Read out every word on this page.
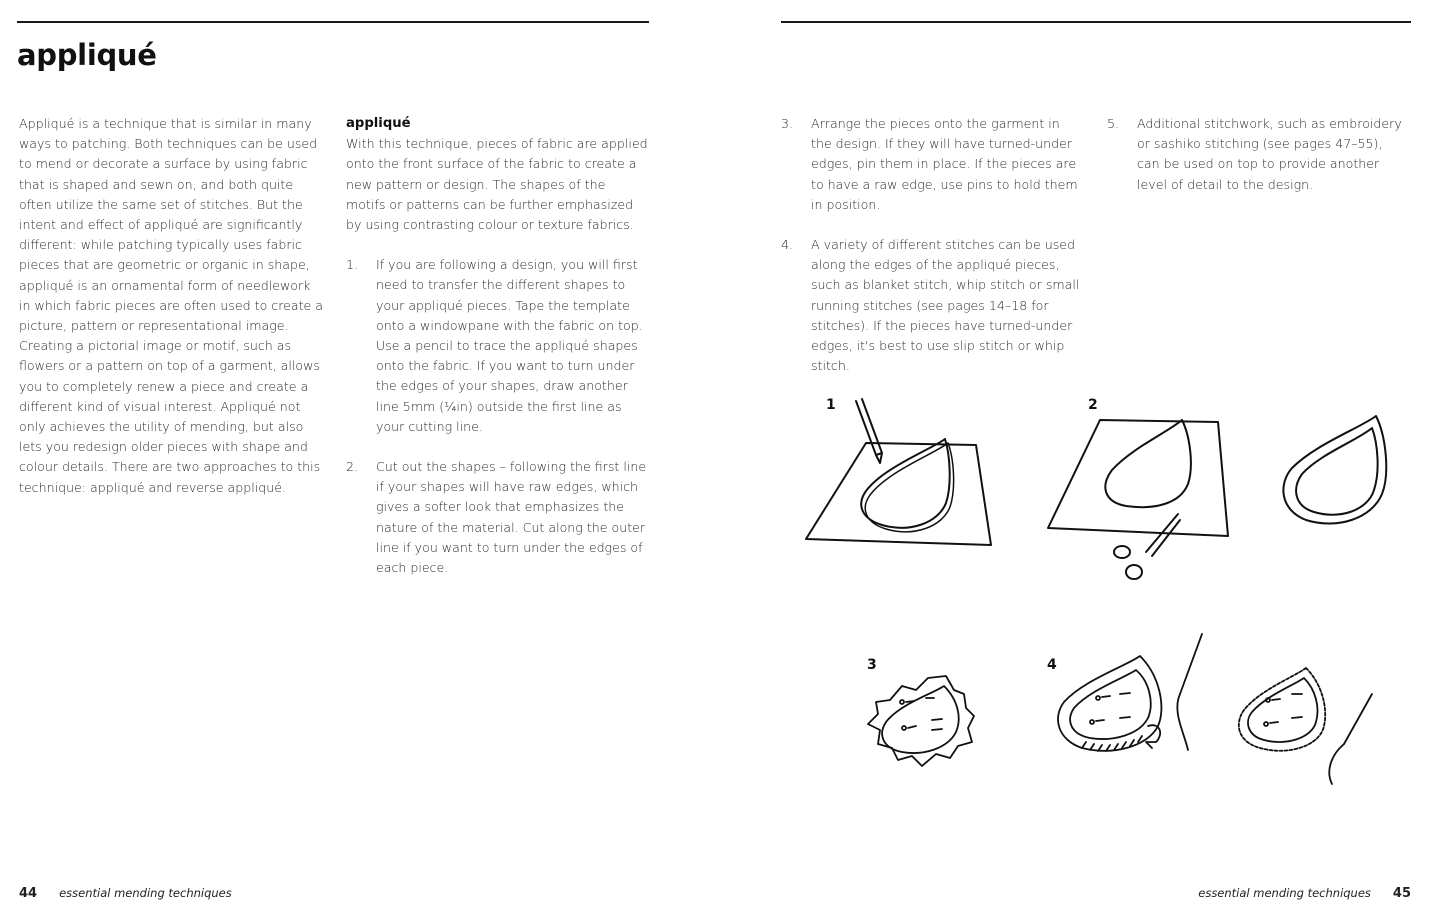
appliqué

Appliqué is a technique that is similar in many ways to patching. Both techniques can be used to mend or decorate a surface by using fabric that is shaped and sewn on, and both quite often utilize the same set of stitches. But the intent and effect of appliqué are significantly different: while patching typically uses fabric pieces that are geometric or organic in shape, appliqué is an ornamental form of needlework in which fabric pieces are often used to create a picture, pattern or representational image. Creating a pictorial image or motif, such as flowers or a pattern on top of a garment, allows you to completely renew a piece and create a different kind of visual interest. Appliqué not only achieves the utility of mending, but also lets you redesign older pieces with shape and colour details. There are two approaches to this technique: appliqué and reverse appliqué.

appliqué

With this technique, pieces of fabric are applied onto the front surface of the fabric to create a new pattern or design. The shapes of the motifs or patterns can be further emphasized by using contrasting colour or texture fabrics.

1. If you are following a design, you will first need to transfer the different shapes to your appliqué pieces. Tape the template onto a windowpane with the fabric on top. Use a pencil to trace the appliqué shapes onto the fabric. If you want to turn under the edges of your shapes, draw another line 5mm (¼in) outside the first line as your cutting line.

2. Cut out the shapes – following the first line if your shapes will have raw edges, which gives a softer look that emphasizes the nature of the material. Cut along the outer line if you want to turn under the edges of each piece.

3. Arrange the pieces onto the garment in the design. If they will have turned-under edges, pin them in place. If the pieces are to have a raw edge, use pins to hold them in position.

4. A variety of different stitches can be used along the edges of the appliqué pieces, such as blanket stitch, whip stitch or small running stitches (see pages 14–18 for stitches). If the pieces have turned-under edges, it's best to use slip stitch or whip stitch.

5. Additional stitchwork, such as embroidery or sashiko stitching (see pages 47–55), can be used on top to provide another level of detail to the design.

1	2
3	4
44 essential mending techniques	essential mending techniques 45
